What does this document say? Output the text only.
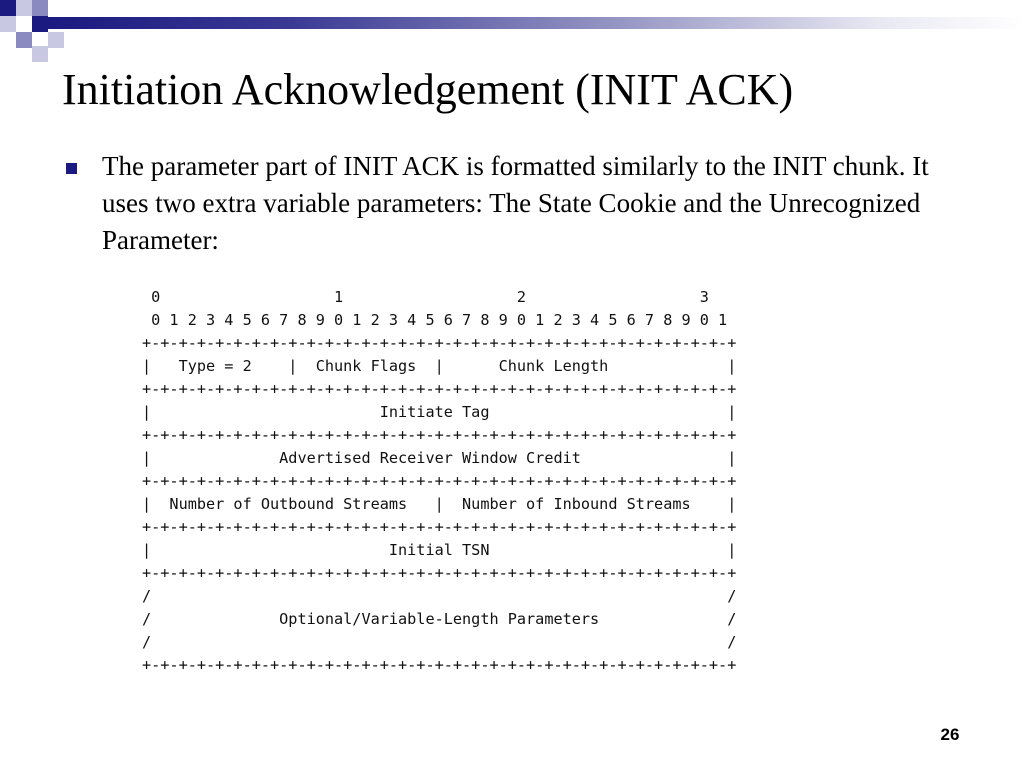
Initiation Acknowledgement (INIT ACK)

The parameter part of INIT ACK is formatted similarly to the INIT chunk. It uses two extra variable parameters: The State Cookie and the Unrecognized Parameter:

0                   1                   2                   3
0 1 2 3 4 5 6 7 8 9 0 1 2 3 4 5 6 7 8 9 0 1 2 3 4 5 6 7 8 9 0 1
+-+-+-+-+-+-+-+-+-+-+-+-+-+-+-+-+-+-+-+-+-+-+-+-+-+-+-+-+-+-+-+-+
|   Type = 2    |  Chunk Flags  |      Chunk Length             |
+-+-+-+-+-+-+-+-+-+-+-+-+-+-+-+-+-+-+-+-+-+-+-+-+-+-+-+-+-+-+-+-+
|                         Initiate Tag                          |
+-+-+-+-+-+-+-+-+-+-+-+-+-+-+-+-+-+-+-+-+-+-+-+-+-+-+-+-+-+-+-+-+
|              Advertised Receiver Window Credit                |
+-+-+-+-+-+-+-+-+-+-+-+-+-+-+-+-+-+-+-+-+-+-+-+-+-+-+-+-+-+-+-+-+
|  Number of Outbound Streams   |  Number of Inbound Streams    |
+-+-+-+-+-+-+-+-+-+-+-+-+-+-+-+-+-+-+-+-+-+-+-+-+-+-+-+-+-+-+-+-+
|                          Initial TSN                          |
+-+-+-+-+-+-+-+-+-+-+-+-+-+-+-+-+-+-+-+-+-+-+-+-+-+-+-+-+-+-+-+-+
/                                                               /
/              Optional/Variable-Length Parameters              /
/                                                               /
+-+-+-+-+-+-+-+-+-+-+-+-+-+-+-+-+-+-+-+-+-+-+-+-+-+-+-+-+-+-+-+-+
26
